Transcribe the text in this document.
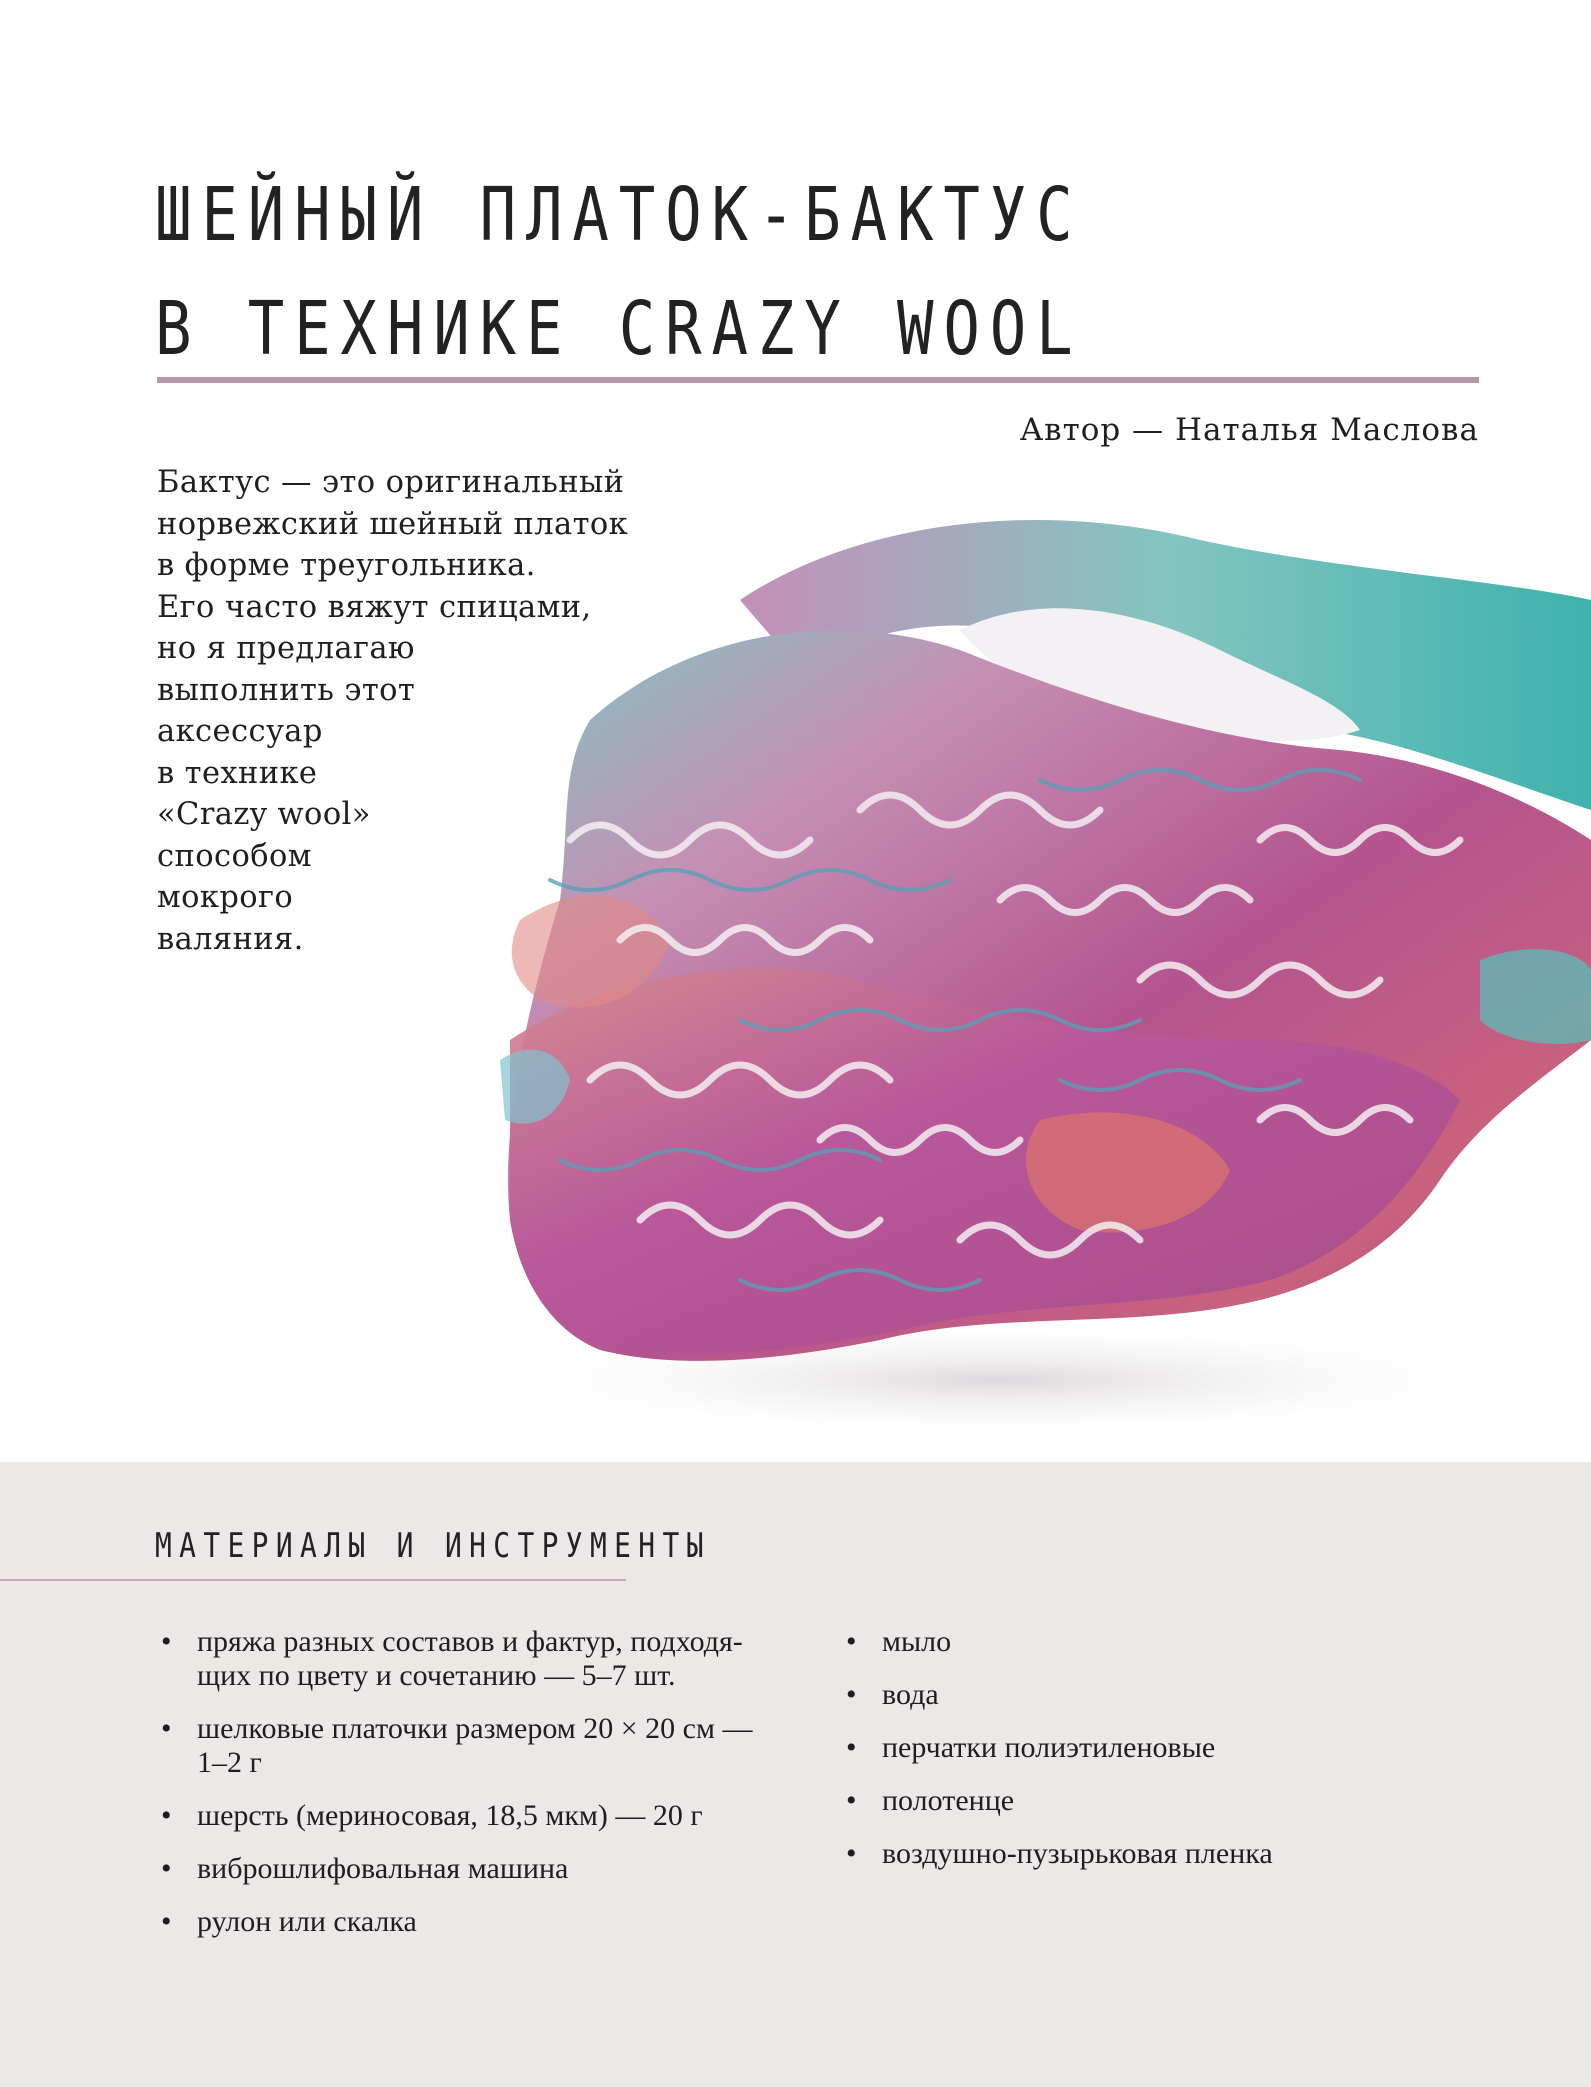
ШЕЙНЫЙ ПЛАТОК-БАКТУС
В ТЕХНИКЕ CRAZY WOOL
Автор — Наталья Маслова
Бактус — это оригинальный
норвежский шейный платок
в форме треугольника.
Его часто вяжут спицами,
но я предлагаю
выполнить этот
аксессуар
в технике
«Crazy wool»
способом
мокрого
валяния.
МАТЕРИАЛЫ И ИНСТРУМЕНТЫ
• пряжа разных составов и фактур, подходя-
щих по цвету и сочетанию — 5–7 шт.
• шелковые платочки размером 20 × 20 см —
1–2 г
• шерсть (мериносовая, 18,5 мкм) — 20 г
• виброшлифовальная машина
• рулон или скалка
• мыло
• вода
• перчатки полиэтиленовые
• полотенце
• воздушно-пузырьковая пленка
